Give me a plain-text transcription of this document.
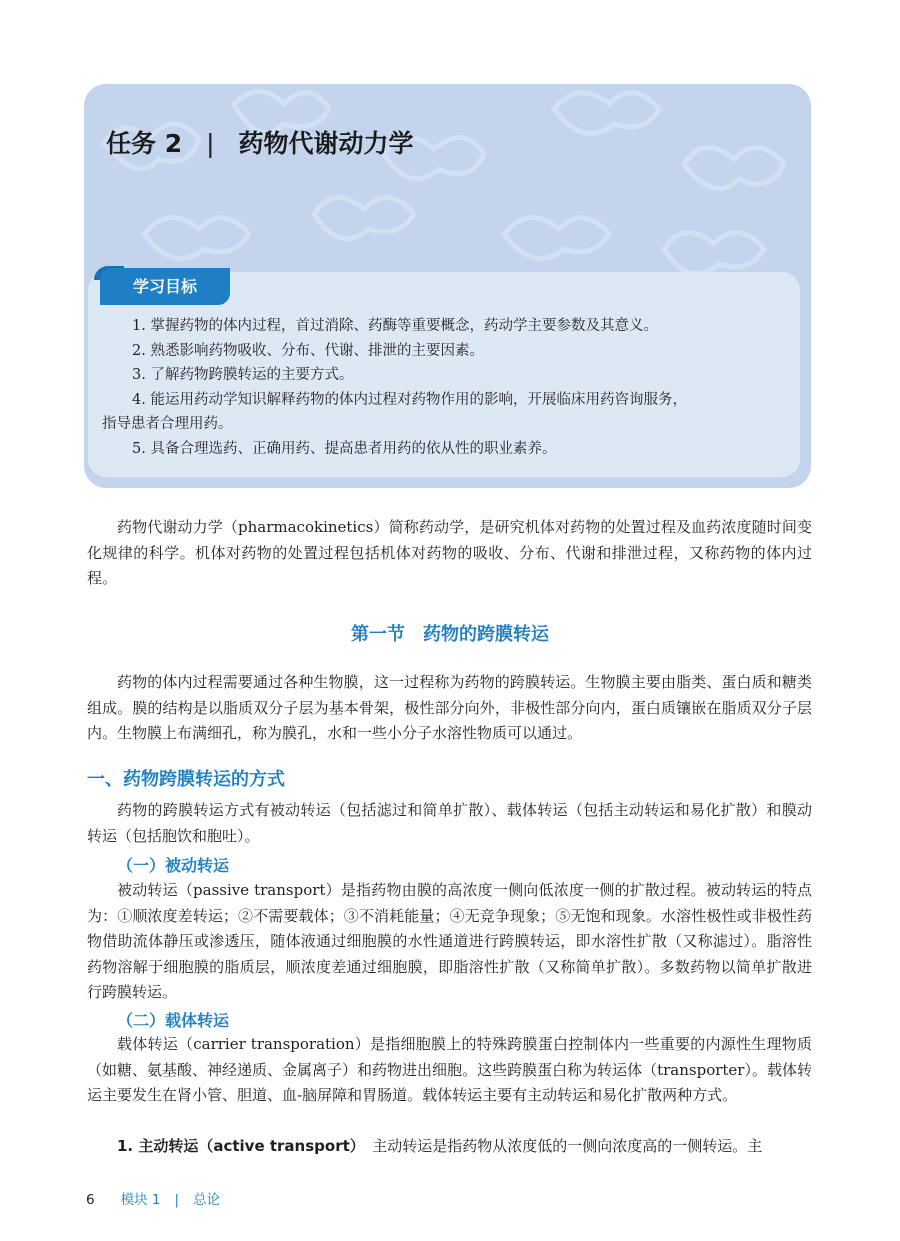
任务 2 | 药物代谢动力学
学习目标
1. 掌握药物的体内过程，首过消除、药酶等重要概念，药动学主要参数及其意义。
2. 熟悉影响药物吸收、分布、代谢、排泄的主要因素。
3. 了解药物跨膜转运的主要方式。
4. 能运用药动学知识解释药物的体内过程对药物作用的影响，开展临床用药咨询服务，
指导患者合理用药。
5. 具备合理选药、正确用药、提高患者用药的依从性的职业素养。

药物代谢动力学（pharmacokinetics）简称药动学，是研究机体对药物的处置过程及血药浓度随时间变化规律的科学。机体对药物的处置过程包括机体对药物的吸收、分布、代谢和排泄过程，又称药物的体内过程。

第一节　药物的跨膜转运

药物的体内过程需要通过各种生物膜，这一过程称为药物的跨膜转运。生物膜主要由脂类、蛋白质和糖类组成。膜的结构是以脂质双分子层为基本骨架，极性部分向外，非极性部分向内，蛋白质镶嵌在脂质双分子层内。生物膜上布满细孔，称为膜孔，水和一些小分子水溶性物质可以通过。

一、药物跨膜转运的方式

药物的跨膜转运方式有被动转运（包括滤过和简单扩散）、载体转运（包括主动转运和易化扩散）和膜动转运（包括胞饮和胞吐）。

（一）被动转运

被动转运（passive transport）是指药物由膜的高浓度一侧向低浓度一侧的扩散过程。被动转运的特点为：①顺浓度差转运；②不需要载体；③不消耗能量；④无竞争现象；⑤无饱和现象。水溶性极性或非极性药物借助流体静压或渗透压，随体液通过细胞膜的水性通道进行跨膜转运，即水溶性扩散（又称滤过）。脂溶性药物溶解于细胞膜的脂质层，顺浓度差通过细胞膜，即脂溶性扩散（又称简单扩散）。多数药物以简单扩散进行跨膜转运。

（二）载体转运

载体转运（carrier transporation）是指细胞膜上的特殊跨膜蛋白控制体内一些重要的内源性生理物质（如糖、氨基酸、神经递质、金属离子）和药物进出细胞。这些跨膜蛋白称为转运体（transporter）。载体转运主要发生在肾小管、胆道、血-脑屏障和胃肠道。载体转运主要有主动转运和易化扩散两种方式。

1. 主动转运（active transport）　主动转运是指药物从浓度低的一侧向浓度高的一侧转运。主

6 模块 1 | 总论
